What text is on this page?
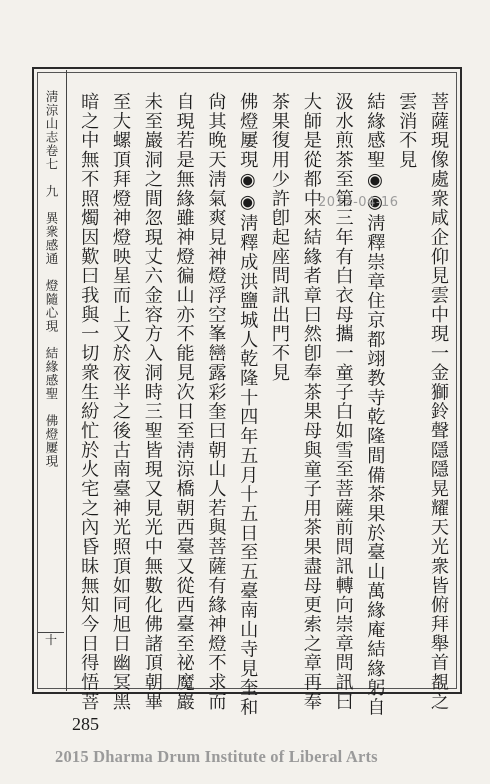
淸涼山志卷七　九　異衆感通　燈隨心現　結緣感聖　佛燈屢現
十	菩薩現像處衆咸企仰見雲中現一金獅鈴聲隱隱晃耀天光衆皆俯拜舉首覩之
雲消不見
結緣感聖◉◉淸釋崇章住京都翊教寺乾隆間備茶果於臺山萬緣庵結緣躬自
汲水煎茶至第三年有白衣母攜一童子白如雪至菩薩前問訊轉向崇章問訊曰
大師是從都中來結緣者章曰然卽奉茶果母與童子用茶果盡母更索之章再奉
茶果復用少許卽起座問訊出門不見
佛燈屢現◉◉淸釋成洪鹽城人乾隆十四年五月十五日至五臺南山寺見奎和
尙其晚天淸氣爽見神燈浮空峯巒露彩奎曰朝山人若與菩薩有緣神燈不求而
自現若是無緣雖神燈徧山亦不能見次日至淸涼橋朝西臺又從西臺至祕魔巖
未至巖洞之間忽現丈六金容方入洞時三聖皆現又見光中無數化佛諸頂朝畢
至大螺頂拜燈神燈映星而上又於夜半之後古南臺神光照頂如同旭日幽冥黑
暗之中無不照燭因歎曰我與一切衆生紛忙於火宅之內昏昧無知今日得悟菩	2012-04-16
285
2015 Dharma Drum Institute of Liberal Arts
